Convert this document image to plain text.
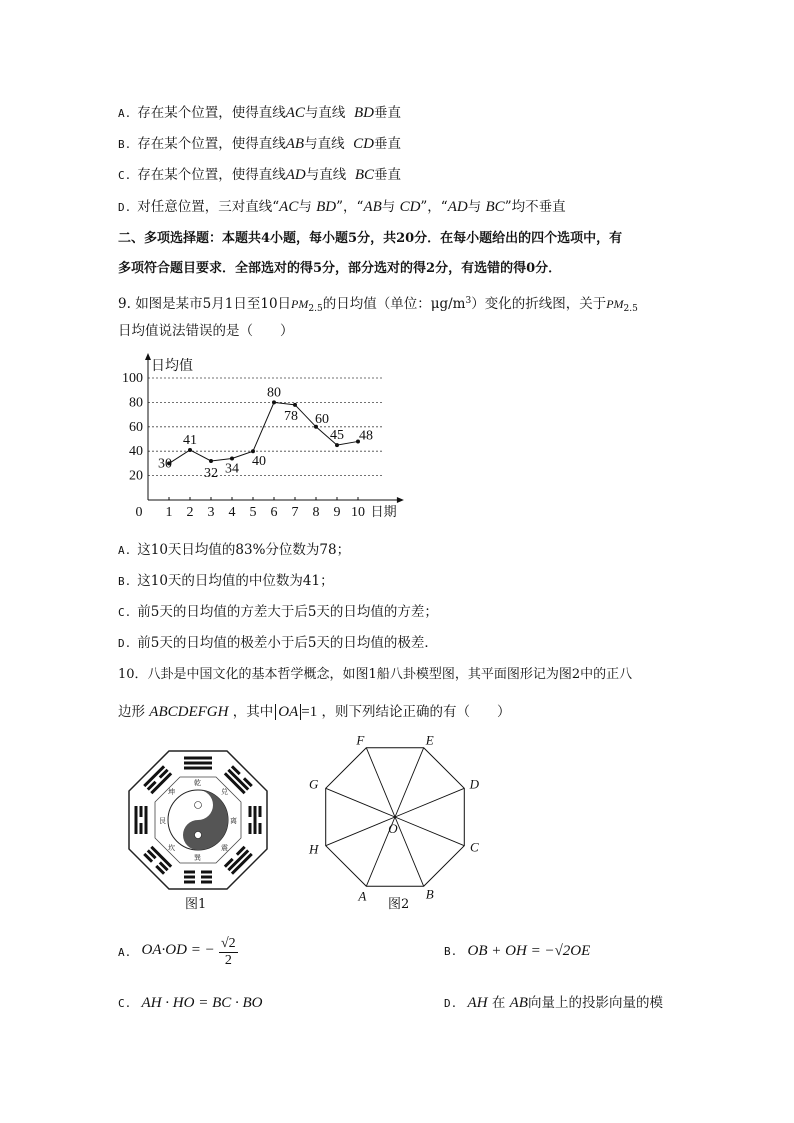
A. 存在某个位置，使得直线AC与直线 BD垂直
B. 存在某个位置，使得直线AB与直线 CD垂直
C. 存在某个位置，使得直线AD与直线 BC垂直
D. 对任意位置，三对直线“AC与 BD”，“AB与 CD”，“AD与 BC”均不垂直
二、多项选择题：本题共4小题，每小题5分，共20分．在每小题给出的四个选项中，有
多项符合题目要求．全部选对的得5分，部分选对的得2分，有选错的得0分．
9. 如图是某市5月1日至10日$PM_{2.5}$的日均值（单位：$\mu g/m^3$）变化的折线图，关于$PM_{2.5}$
日均值说法错误的是（　　）
20
40
60
80
100
日均值
日期
0 1 2 3 4 5 6 7 8 9 10
30
41
32 34 40
80
78 60
45 48
A. 这10天日均值的83%分位数为78；
B. 这10天的日均值的中位数为41；
C. 前5天的日均值的方差大于后5天的日均值的方差；
D. 前5天的日均值的极差小于后5天的日均值的极差．
10．八卦是中国文化的基本哲学概念，如图1船八卦模型图，其平面图形记为图2中的正八
边形 ABCDEFGH ，其中 OA =1 ，则下列结论正确的有（　　）
乾
兑
离
震
巽
坎
艮
坤
图1
A	B
C
D
E
F
G
H
O
图2
A. OA·OD = − $\frac{√2}{2}$	B. OB + OH = −√2OE
C. AH · HO = BC · BO	D. AH 在 AB向量上的投影向量的模
